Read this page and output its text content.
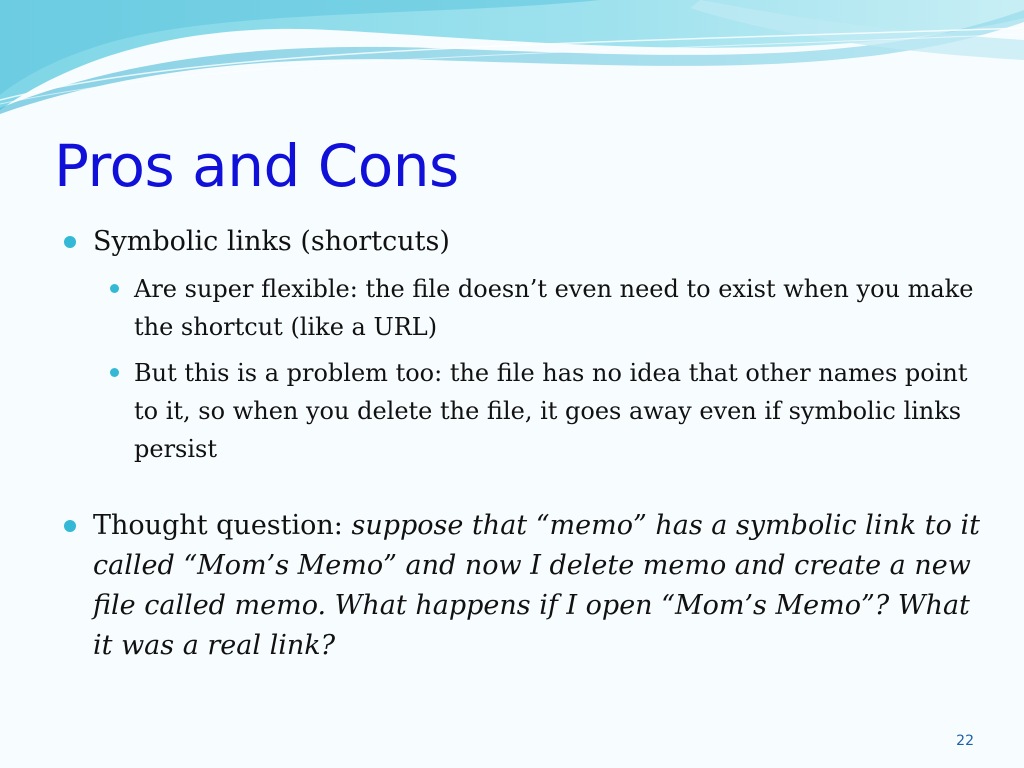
Pros and Cons
Symbolic links (shortcuts)
Are super flexible: the file doesn’t even need to exist when you make the shortcut (like a URL)
But this is a problem too: the file has no idea that other names point to it, so when you delete the file, it goes away even if symbolic links persist
Thought question: suppose that “memo” has a symbolic link to it called “Mom’s Memo” and now I delete memo and create a new file called memo. What happens if I open “Mom’s Memo”? What it was a real link?
22
